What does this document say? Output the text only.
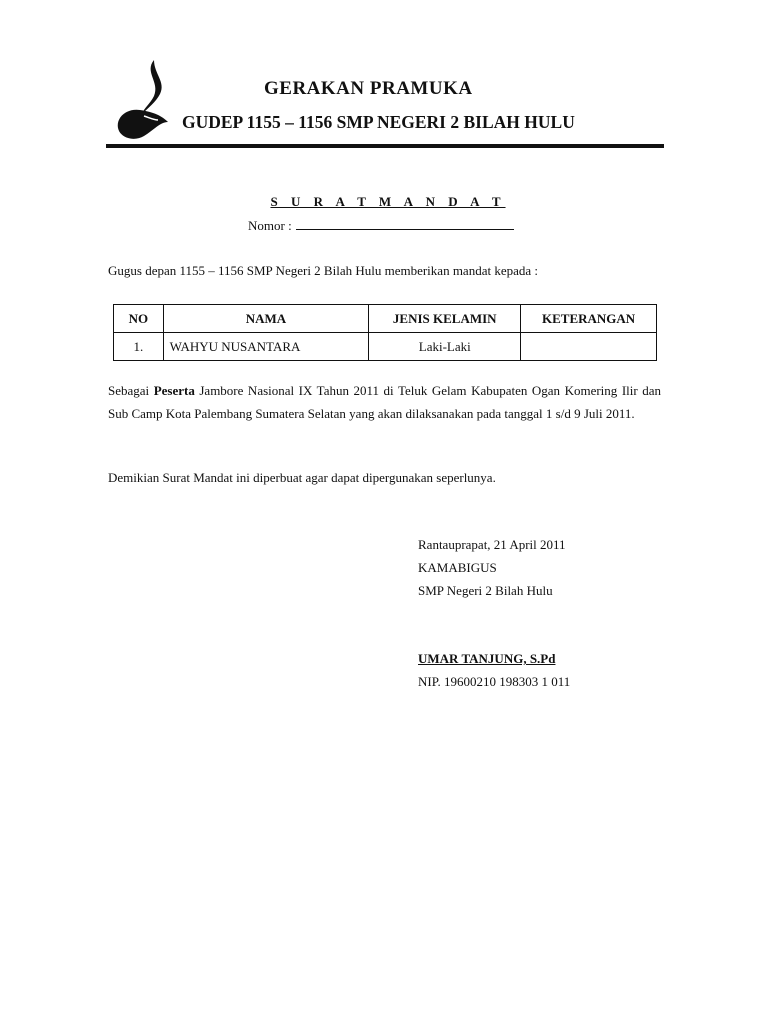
GERAKAN PRAMUKA
GUDEP 1155 – 1156 SMP NEGERI 2 BILAH HULU
S U R A T M A N D A T
Nomor :
Gugus depan 1155 – 1156 SMP Negeri 2 Bilah Hulu memberikan mandat kepada :
NO	NAMA	JENIS KELAMIN	KETERANGAN
1.	WAHYU NUSANTARA	Laki-Laki	
Sebagai Peserta Jambore Nasional IX Tahun 2011 di Teluk Gelam Kabupaten Ogan Komering Ilir dan Sub Camp Kota Palembang Sumatera Selatan yang akan dilaksanakan pada tanggal 1 s/d 9 Juli 2011.
Demikian Surat Mandat ini diperbuat agar dapat dipergunakan seperlunya.
Rantauprapat, 21 April 2011
KAMABIGUS
SMP Negeri 2 Bilah Hulu
UMAR TANJUNG, S.Pd
NIP. 19600210 198303 1 011
